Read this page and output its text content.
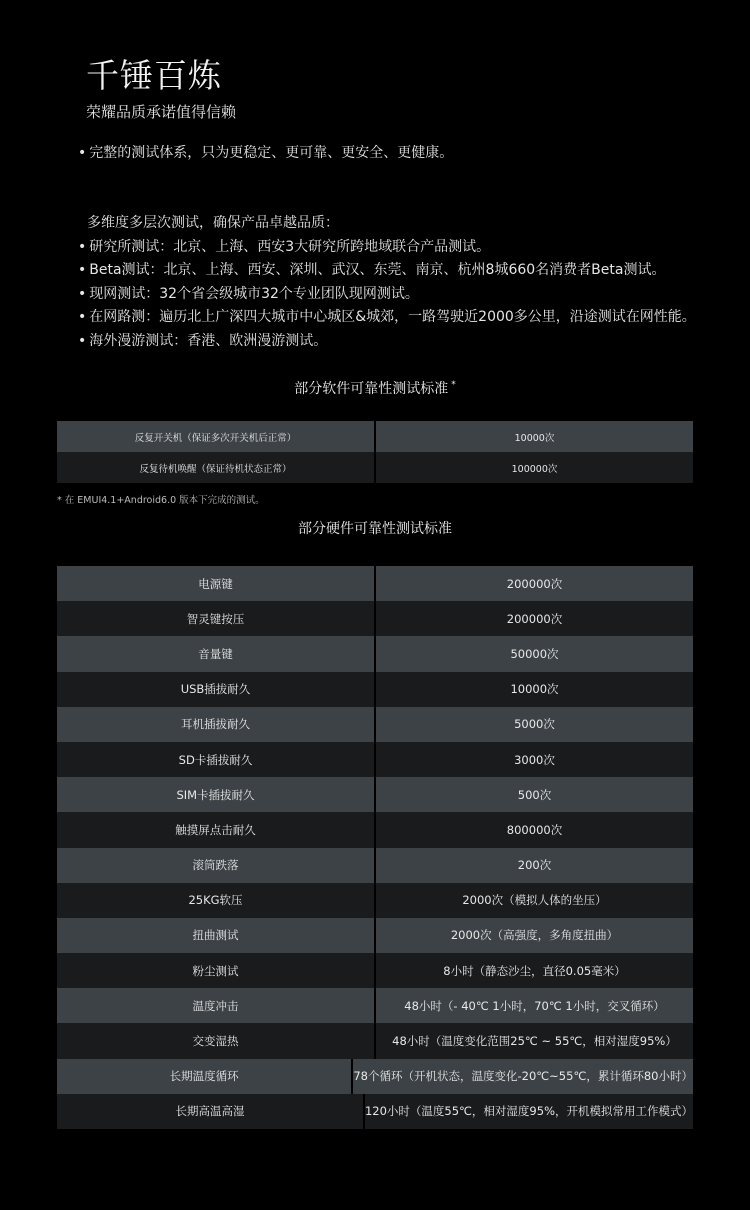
千锤百炼
荣耀品质承诺值得信赖
• 完整的测试体系，只为更稳定、更可靠、更安全、更健康。
多维度多层次测试，确保产品卓越品质：
• 研究所测试：北京、上海、西安3大研究所跨地域联合产品测试。
• Beta测试：北京、上海、西安、深圳、武汉、东莞、南京、杭州8城660名消费者Beta测试。
• 现网测试：32个省会级城市32个专业团队现网测试。
• 在网路测：遍历北上广深四大城市中心城区&城郊，一路驾驶近2000多公里，沿途测试在网性能。
• 海外漫游测试：香港、欧洲漫游测试。
部分软件可靠性测试标准 *
反复开关机（保证多次开关机后正常）	10000次
反复待机唤醒（保证待机状态正常）	100000次
* 在 EMUI4.1+Android6.0 版本下完成的测试。
部分硬件可靠性测试标准
电源键	200000次
智灵键按压	200000次
音量键	50000次
USB插拔耐久	10000次
耳机插拔耐久	5000次
SD卡插拔耐久	3000次
SIM卡插拔耐久	500次
触摸屏点击耐久	800000次
滚筒跌落	200次
25KG软压	2000次（模拟人体的坐压）
扭曲测试	2000次（高强度，多角度扭曲）
粉尘测试	8小时（静态沙尘，直径0.05毫米）
温度冲击	48小时（- 40℃ 1小时，70℃ 1小时，交叉循环）
交变湿热	48小时（温度变化范围25℃ ~ 55℃，相对湿度95%）
长期温度循环	78个循环（开机状态，温度变化-20℃~55℃，累计循环80小时）
长期高温高湿	120小时（温度55℃，相对湿度95%，开机模拟常用工作模式）
